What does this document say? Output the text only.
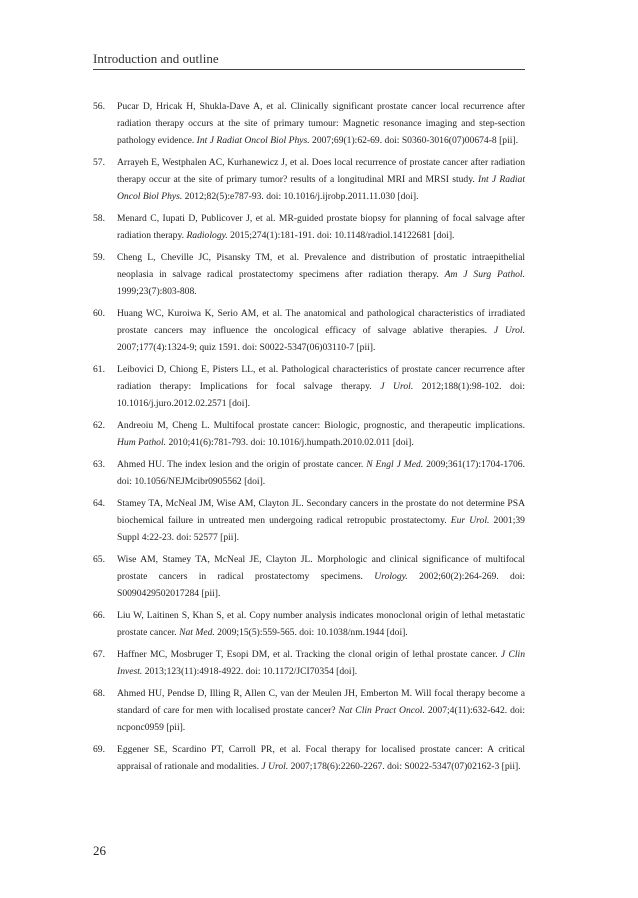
Introduction and outline
56. Pucar D, Hricak H, Shukla-Dave A, et al. Clinically significant prostate cancer local recurrence after radiation therapy occurs at the site of primary tumour: Magnetic resonance imaging and step-section pathology evidence. Int J Radiat Oncol Biol Phys. 2007;69(1):62-69. doi: S0360-3016(07)00674-8 [pii].
57. Arrayeh E, Westphalen AC, Kurhanewicz J, et al. Does local recurrence of prostate cancer after radiation therapy occur at the site of primary tumor? results of a longitudinal MRI and MRSI study. Int J Radiat Oncol Biol Phys. 2012;82(5):e787-93. doi: 10.1016/j.ijrobp.2011.11.030 [doi].
58. Menard C, Iupati D, Publicover J, et al. MR-guided prostate biopsy for planning of focal salvage after radiation therapy. Radiology. 2015;274(1):181-191. doi: 10.1148/radiol.14122681 [doi].
59. Cheng L, Cheville JC, Pisansky TM, et al. Prevalence and distribution of prostatic intraepithelial neoplasia in salvage radical prostatectomy specimens after radiation therapy. Am J Surg Pathol. 1999;23(7):803-808.
60. Huang WC, Kuroiwa K, Serio AM, et al. The anatomical and pathological characteristics of irradiated prostate cancers may influence the oncological efficacy of salvage ablative therapies. J Urol. 2007;177(4):1324-9; quiz 1591. doi: S0022-5347(06)03110-7 [pii].
61. Leibovici D, Chiong E, Pisters LL, et al. Pathological characteristics of prostate cancer recurrence after radiation therapy: Implications for focal salvage therapy. J Urol. 2012;188(1):98-102. doi: 10.1016/j.juro.2012.02.2571 [doi].
62. Andreoiu M, Cheng L. Multifocal prostate cancer: Biologic, prognostic, and therapeutic implications. Hum Pathol. 2010;41(6):781-793. doi: 10.1016/j.humpath.2010.02.011 [doi].
63. Ahmed HU. The index lesion and the origin of prostate cancer. N Engl J Med. 2009;361(17):1704-1706. doi: 10.1056/NEJMcibr0905562 [doi].
64. Stamey TA, McNeal JM, Wise AM, Clayton JL. Secondary cancers in the prostate do not determine PSA biochemical failure in untreated men undergoing radical retropubic prostatectomy. Eur Urol. 2001;39 Suppl 4:22-23. doi: 52577 [pii].
65. Wise AM, Stamey TA, McNeal JE, Clayton JL. Morphologic and clinical significance of multifocal prostate cancers in radical prostatectomy specimens. Urology. 2002;60(2):264-269. doi: S0090429502017284 [pii].
66. Liu W, Laitinen S, Khan S, et al. Copy number analysis indicates monoclonal origin of lethal metastatic prostate cancer. Nat Med. 2009;15(5):559-565. doi: 10.1038/nm.1944 [doi].
67. Haffner MC, Mosbruger T, Esopi DM, et al. Tracking the clonal origin of lethal prostate cancer. J Clin Invest. 2013;123(11):4918-4922. doi: 10.1172/JCI70354 [doi].
68. Ahmed HU, Pendse D, Illing R, Allen C, van der Meulen JH, Emberton M. Will focal therapy become a standard of care for men with localised prostate cancer? Nat Clin Pract Oncol. 2007;4(11):632-642. doi: ncponc0959 [pii].
69. Eggener SE, Scardino PT, Carroll PR, et al. Focal therapy for localised prostate cancer: A critical appraisal of rationale and modalities. J Urol. 2007;178(6):2260-2267. doi: S0022-5347(07)02162-3 [pii].
26
